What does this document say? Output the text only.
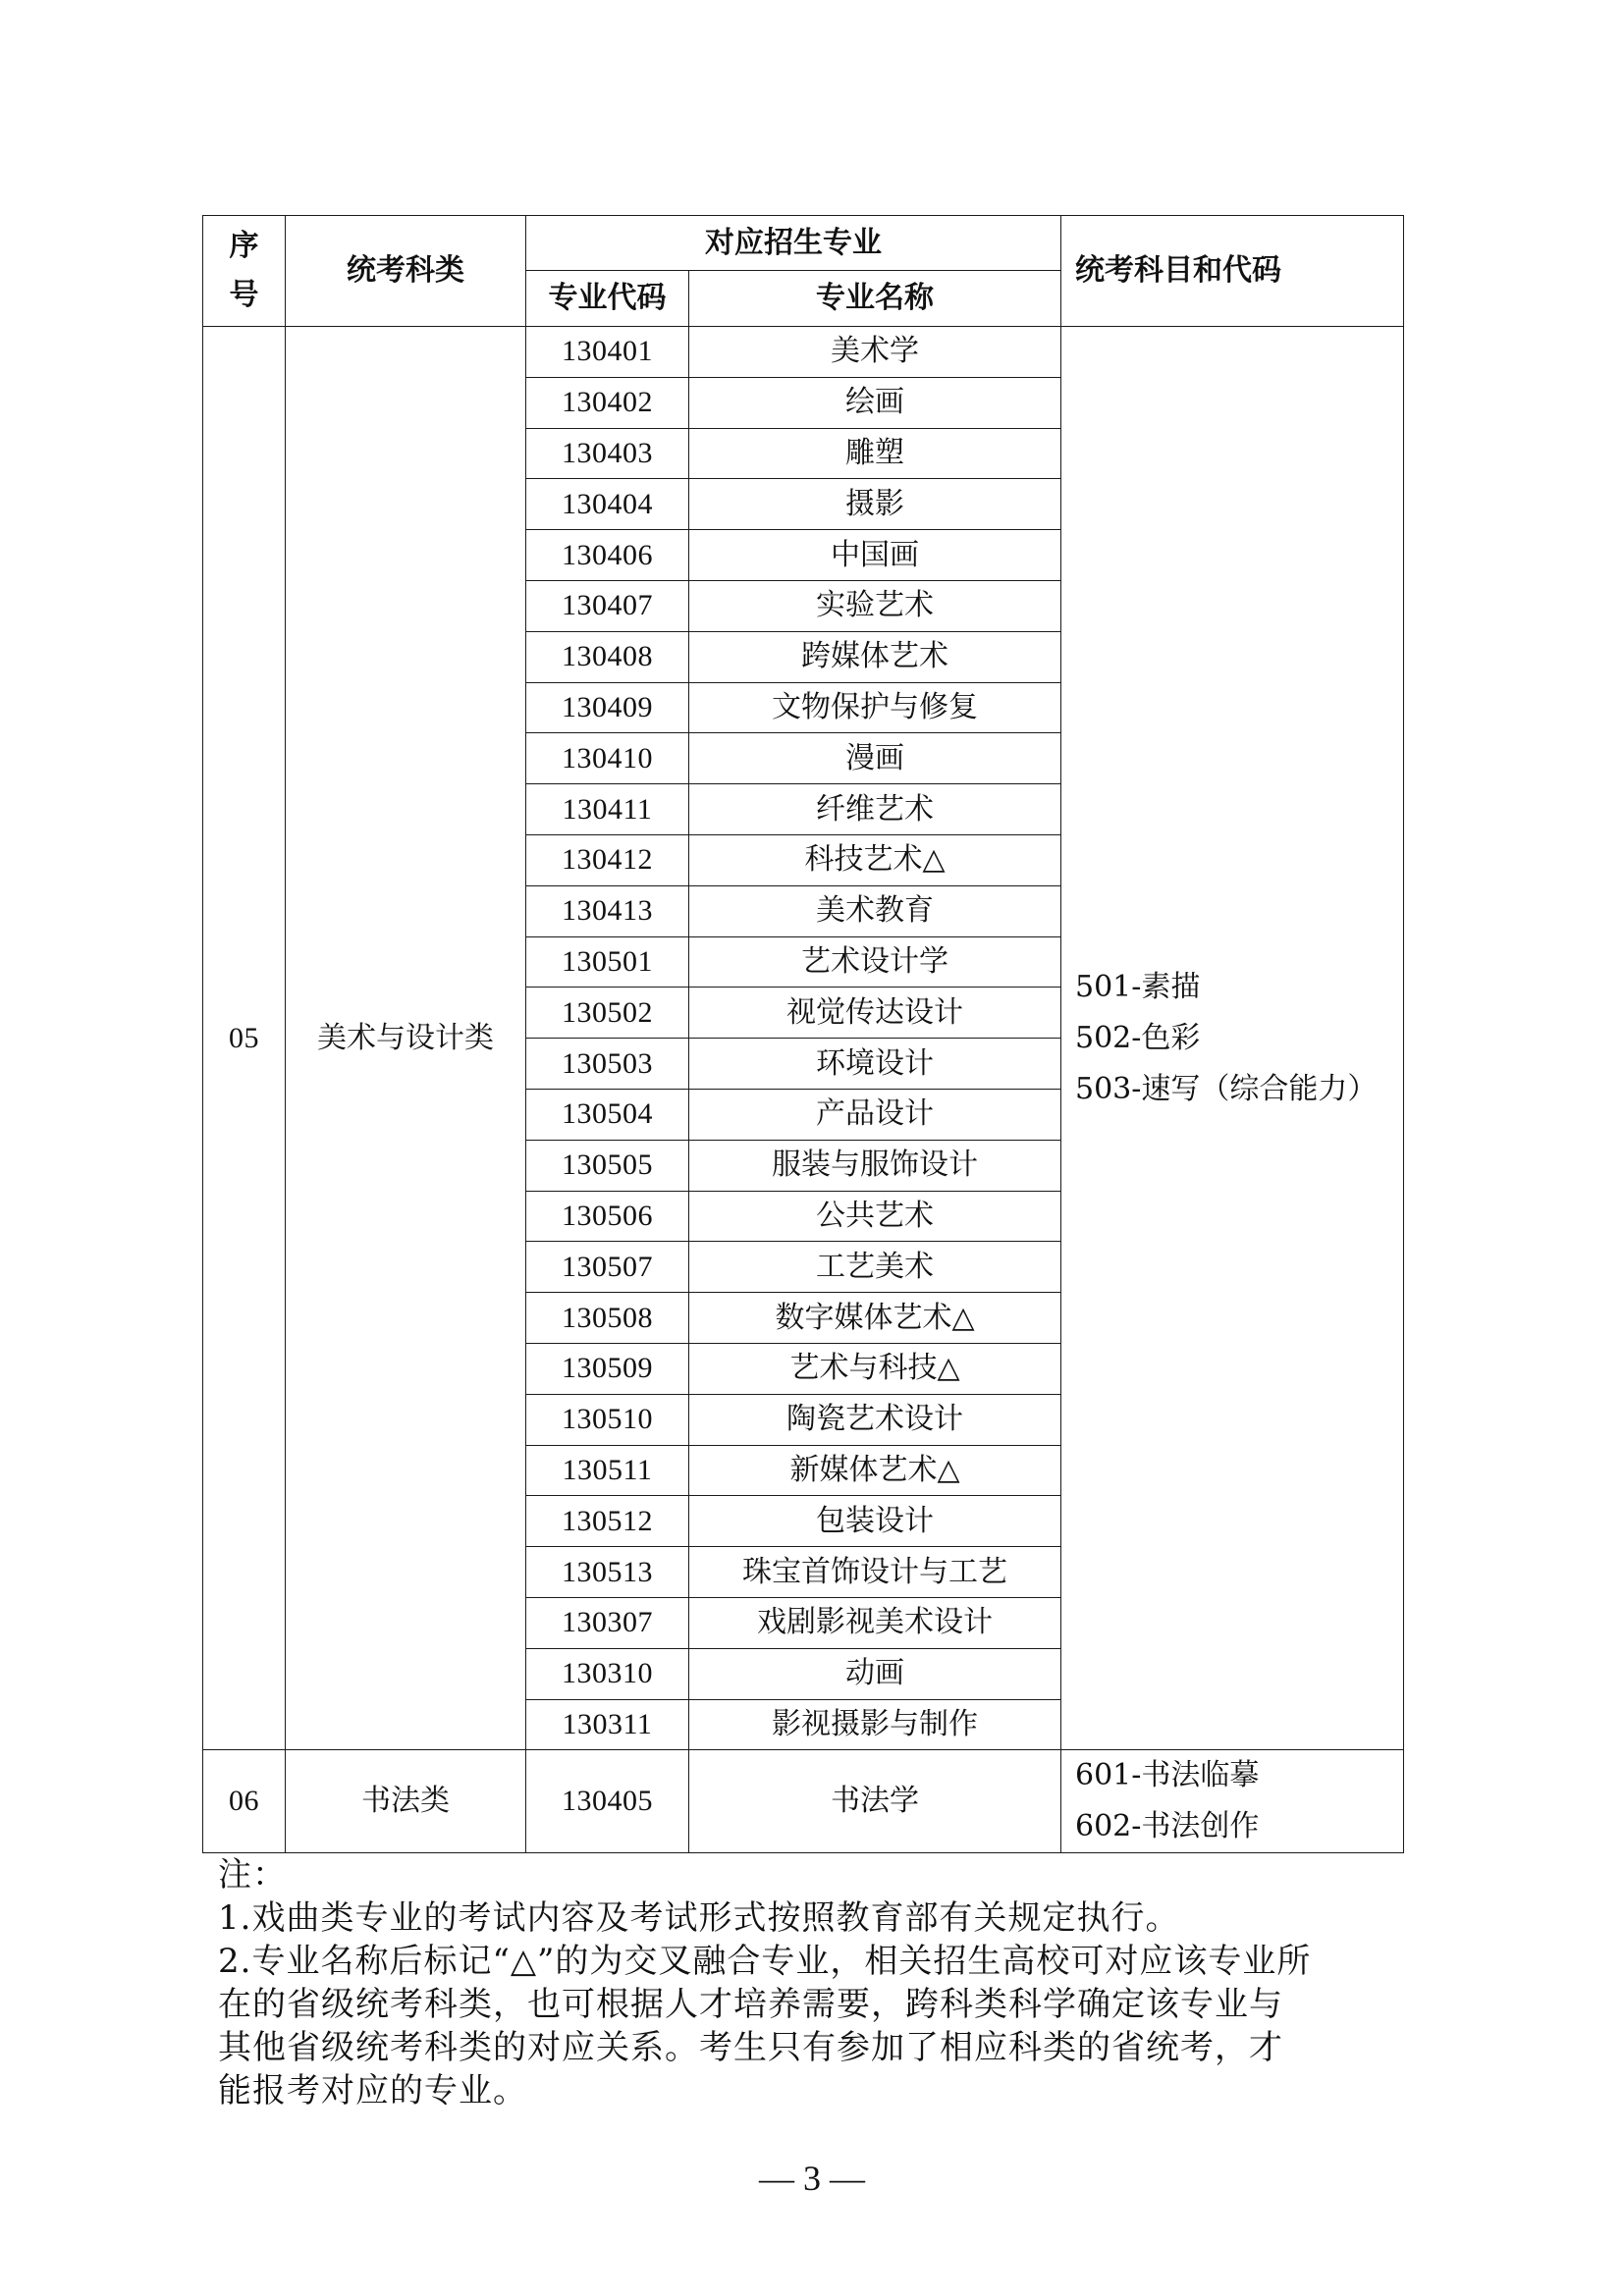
序
号	统考科类	对应招生专业		统考科目和代码
		专业代码	专业名称	
05	美术与设计类	130401	美术学	501-素描
502-色彩
503-速写（综合能力）

		130402	绘画	
		130403	雕塑	
		130404	摄影	
		130406	中国画	
		130407	实验艺术	
		130408	跨媒体艺术	
		130409	文物保护与修复	
		130410	漫画	
		130411	纤维艺术	
		130412	科技艺术△	
		130413	美术教育	
		130501	艺术设计学	
		130502	视觉传达设计	
		130503	环境设计	
		130504	产品设计	
		130505	服装与服饰设计	
		130506	公共艺术	
		130507	工艺美术	
		130508	数字媒体艺术△	
		130509	艺术与科技△	
		130510	陶瓷艺术设计	
		130511	新媒体艺术△	
		130512	包装设计	
		130513	珠宝首饰设计与工艺	
		130307	戏剧影视美术设计	
		130310	动画	
		130311	影视摄影与制作	
06	书法类	130405	书法学	601-书法临摹
602-书法创作

注：

1.戏曲类专业的考试内容及考试形式按照教育部有关规定执行。

2.专业名称后标记“△”的为交叉融合专业，相关招生高校可对应该专业所

在的省级统考科类，也可根据人才培养需要，跨科类科学确定该专业与

其他省级统考科类的对应关系。考生只有参加了相应科类的省统考，才

能报考对应的专业。

— 3 —
